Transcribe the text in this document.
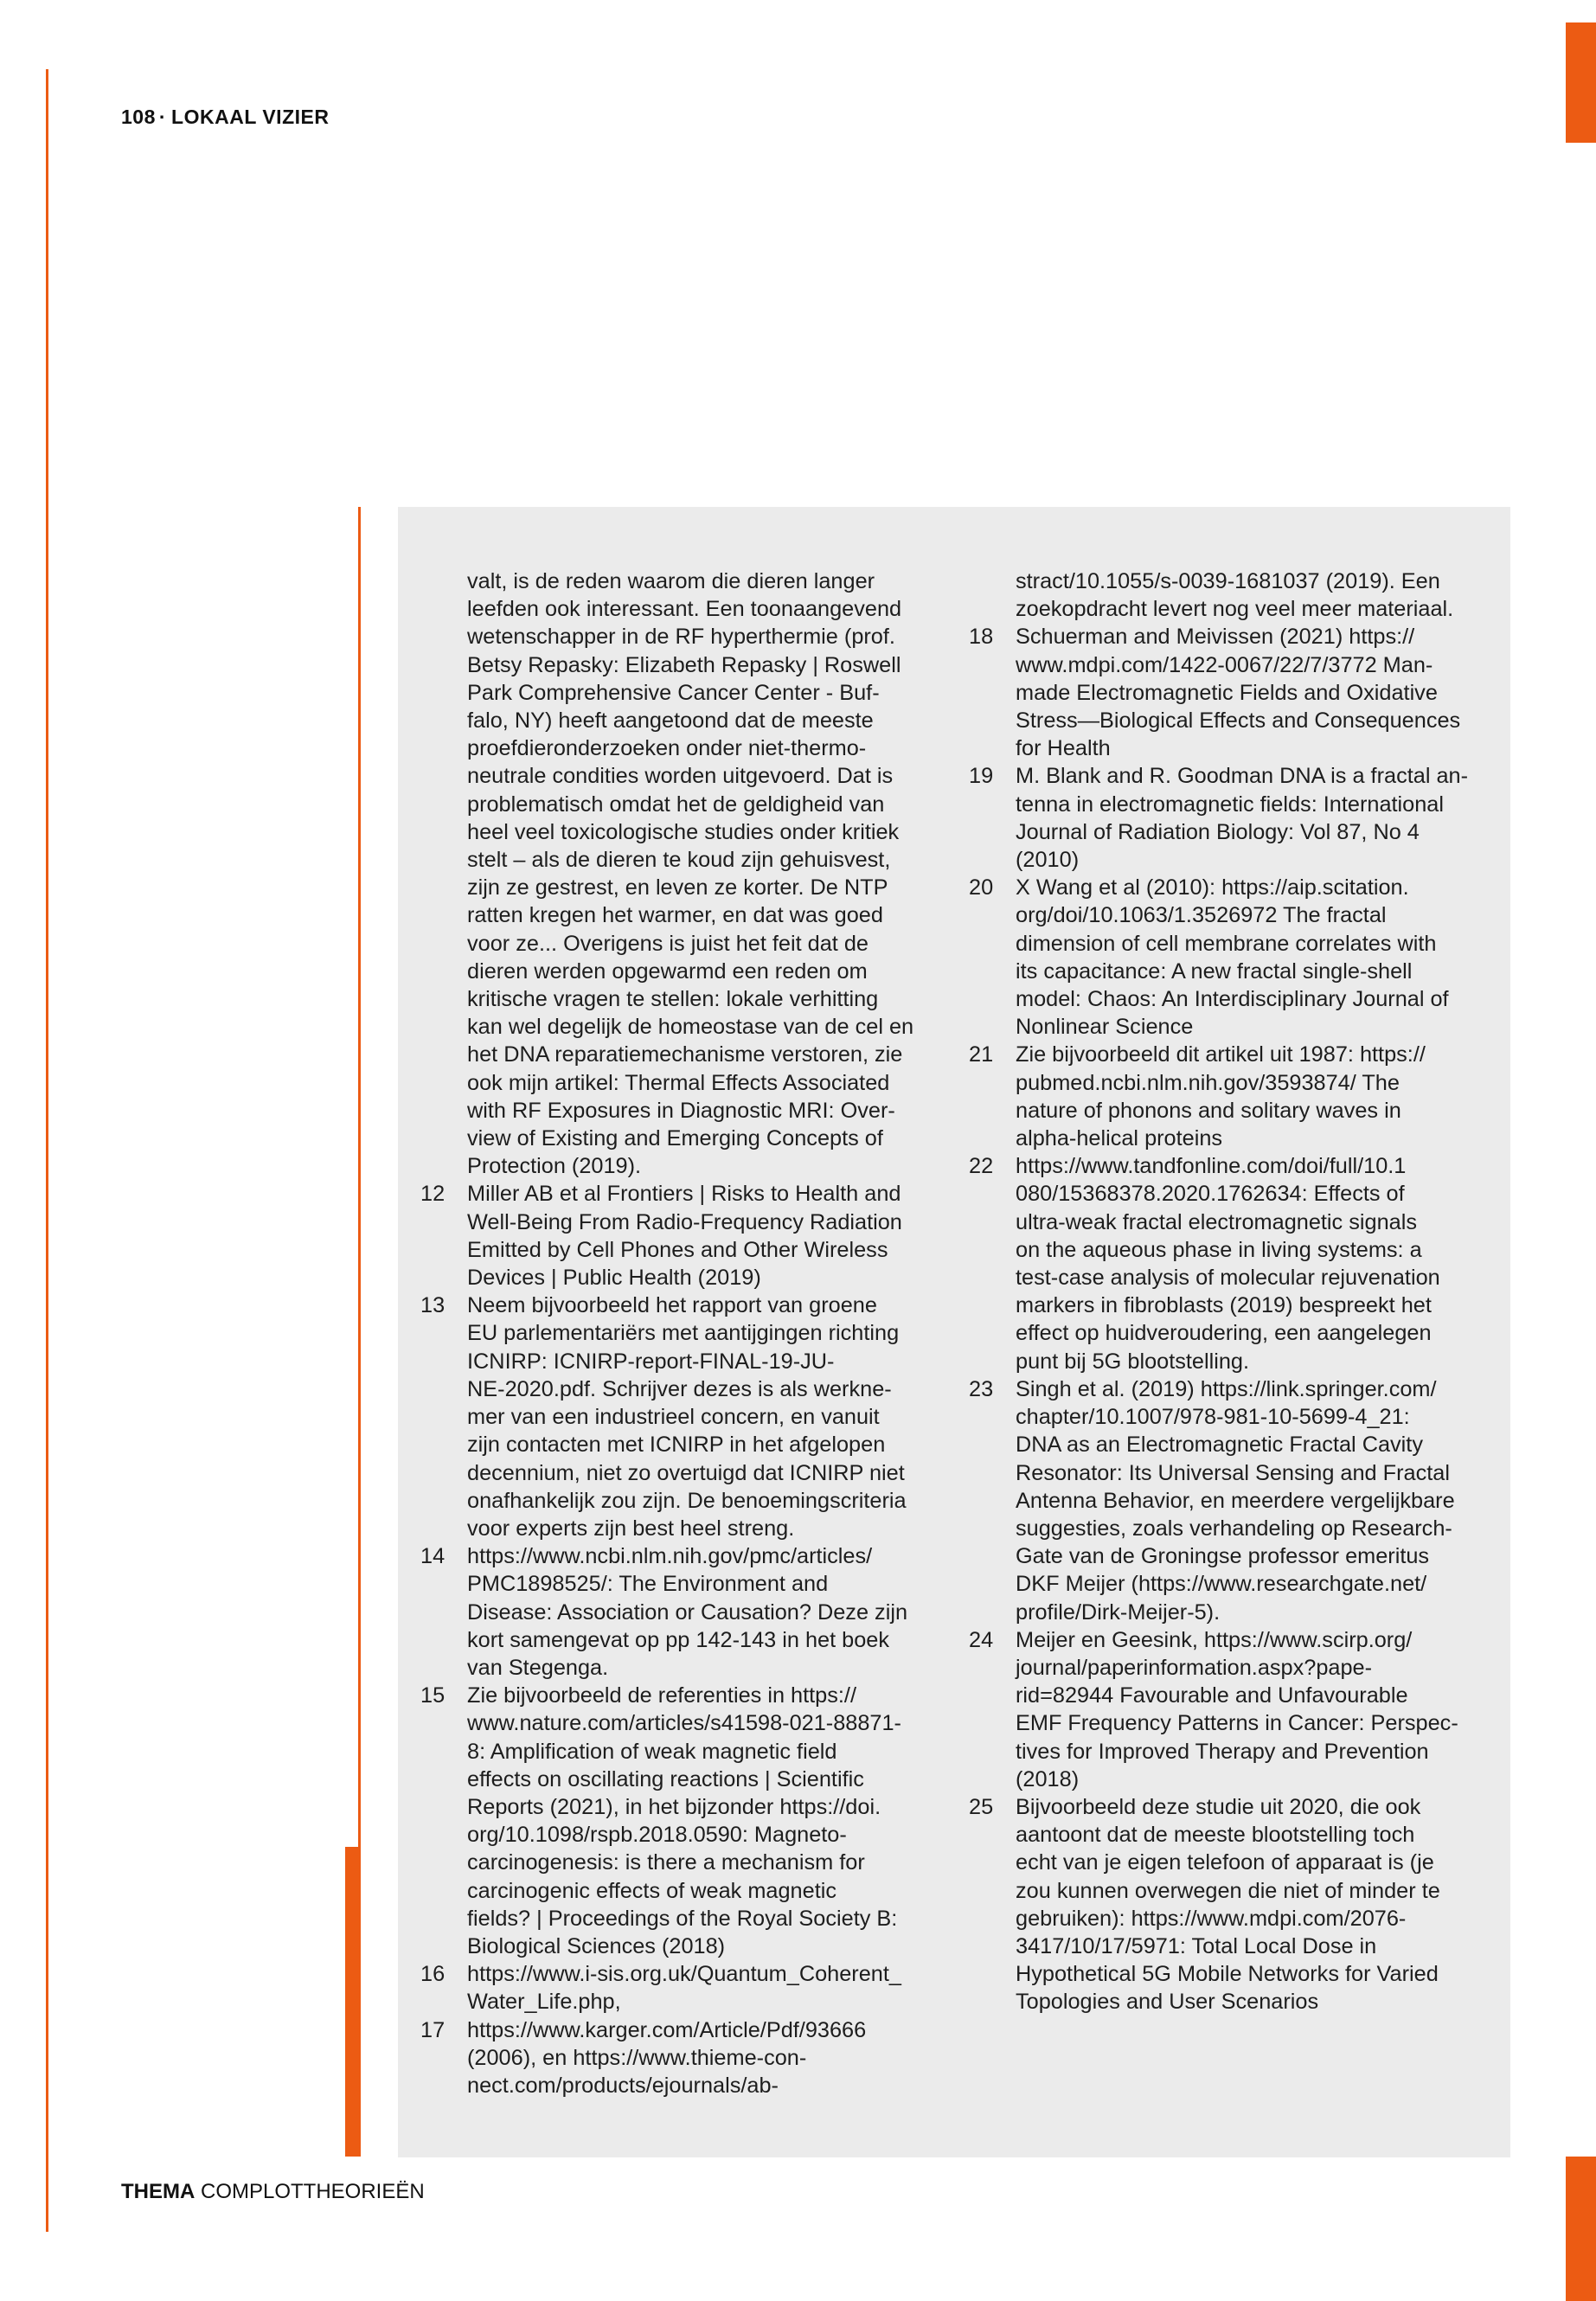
108 · LOKAAL VIZIER

valt, is de reden waarom die dieren langer
leefden ook interessant. Een toonaangevend
wetenschapper in de RF hyperthermie (prof.
Betsy Repasky: Elizabeth Repasky | Roswell
Park Comprehensive Cancer Center - Buf-
falo, NY) heeft aangetoond dat de meeste
proefdieronderzoeken onder niet-thermo-
neutrale condities worden uitgevoerd. Dat is
problematisch omdat het de geldigheid van
heel veel toxicologische studies onder kritiek
stelt – als de dieren te koud zijn gehuisvest,
zijn ze gestrest, en leven ze korter. De NTP
ratten kregen het warmer, en dat was goed
voor ze... Overigens is juist het feit dat de
dieren werden opgewarmd een reden om
kritische vragen te stellen: lokale verhitting
kan wel degelijk de homeostase van de cel en
het DNA reparatiemechanisme verstoren, zie
ook mijn artikel: Thermal Effects Associated
with RF Exposures in Diagnostic MRI: Over-
view of Existing and Emerging Concepts of
Protection (2019).

12	Miller AB et al Frontiers | Risks to Health and
Well-Being From Radio-Frequency Radiation
Emitted by Cell Phones and Other Wireless
Devices | Public Health (2019)

13	Neem bijvoorbeeld het rapport van groene
EU parlementariërs met aantijgingen richting
ICNIRP: ICNIRP-report-FINAL-19-JU-
NE-2020.pdf. Schrijver dezes is als werkne-
mer van een industrieel concern, en vanuit
zijn contacten met ICNIRP in het afgelopen
decennium, niet zo overtuigd dat ICNIRP niet
onafhankelijk zou zijn. De benoemingscriteria
voor experts zijn best heel streng.

14	https://www.ncbi.nlm.nih.gov/pmc/articles/
PMC1898525/: The Environment and
Disease: Association or Causation? Deze zijn
kort samengevat op pp 142-143 in het boek
van Stegenga.

15	Zie bijvoorbeeld de referenties in https://
www.nature.com/articles/s41598-021-88871-
8: Amplification of weak magnetic field
effects on oscillating reactions | Scientific
Reports (2021), in het bijzonder https://doi.
org/10.1098/rspb.2018.0590: Magneto-
carcinogenesis: is there a mechanism for
carcinogenic effects of weak magnetic
fields? | Proceedings of the Royal Society B:
Biological Sciences (2018)

16	https://www.i-sis.org.uk/Quantum_Coherent_
Water_Life.php,

17	https://www.karger.com/Article/Pdf/93666
(2006), en https://www.thieme-con-
nect.com/products/ejournals/ab-

stract/10.1055/s-0039-1681037 (2019). Een
zoekopdracht levert nog veel meer materiaal.

18	Schuerman and Meivissen (2021) https://
www.mdpi.com/1422-0067/22/7/3772 Man-
made Electromagnetic Fields and Oxidative
Stress—Biological Effects and Consequences
for Health

19	M. Blank and R. Goodman DNA is a fractal an-
tenna in electromagnetic fields: International
Journal of Radiation Biology: Vol 87, No 4
(2010)

20	X Wang et al (2010): https://aip.scitation.
org/doi/10.1063/1.3526972 The fractal
dimension of cell membrane correlates with
its capacitance: A new fractal single-shell
model: Chaos: An Interdisciplinary Journal of
Nonlinear Science

21	Zie bijvoorbeeld dit artikel uit 1987: https://
pubmed.ncbi.nlm.nih.gov/3593874/ The
nature of phonons and solitary waves in
alpha-helical proteins

22	https://www.tandfonline.com/doi/full/10.1
080/15368378.2020.1762634: Effects of
ultra-weak fractal electromagnetic signals
on the aqueous phase in living systems: a
test-case analysis of molecular rejuvenation
markers in fibroblasts (2019) bespreekt het
effect op huidveroudering, een aangelegen
punt bij 5G blootstelling.

23	Singh et al. (2019) https://link.springer.com/
chapter/10.1007/978-981-10-5699-4_21:
DNA as an Electromagnetic Fractal Cavity
Resonator: Its Universal Sensing and Fractal
Antenna Behavior, en meerdere vergelijkbare
suggesties, zoals verhandeling op Research-
Gate van de Groningse professor emeritus
DKF Meijer (https://www.researchgate.net/
profile/Dirk-Meijer-5).

24	Meijer en Geesink, https://www.scirp.org/
journal/paperinformation.aspx?pape-
rid=82944 Favourable and Unfavourable
EMF Frequency Patterns in Cancer: Perspec-
tives for Improved Therapy and Prevention
(2018)

25	Bijvoorbeeld deze studie uit 2020, die ook
aantoont dat de meeste blootstelling toch
echt van je eigen telefoon of apparaat is (je
zou kunnen overwegen die niet of minder te
gebruiken): https://www.mdpi.com/2076-
3417/10/17/5971: Total Local Dose in
Hypothetical 5G Mobile Networks for Varied
Topologies and User Scenarios

THEMA COMPLOTTHEORIEËN
